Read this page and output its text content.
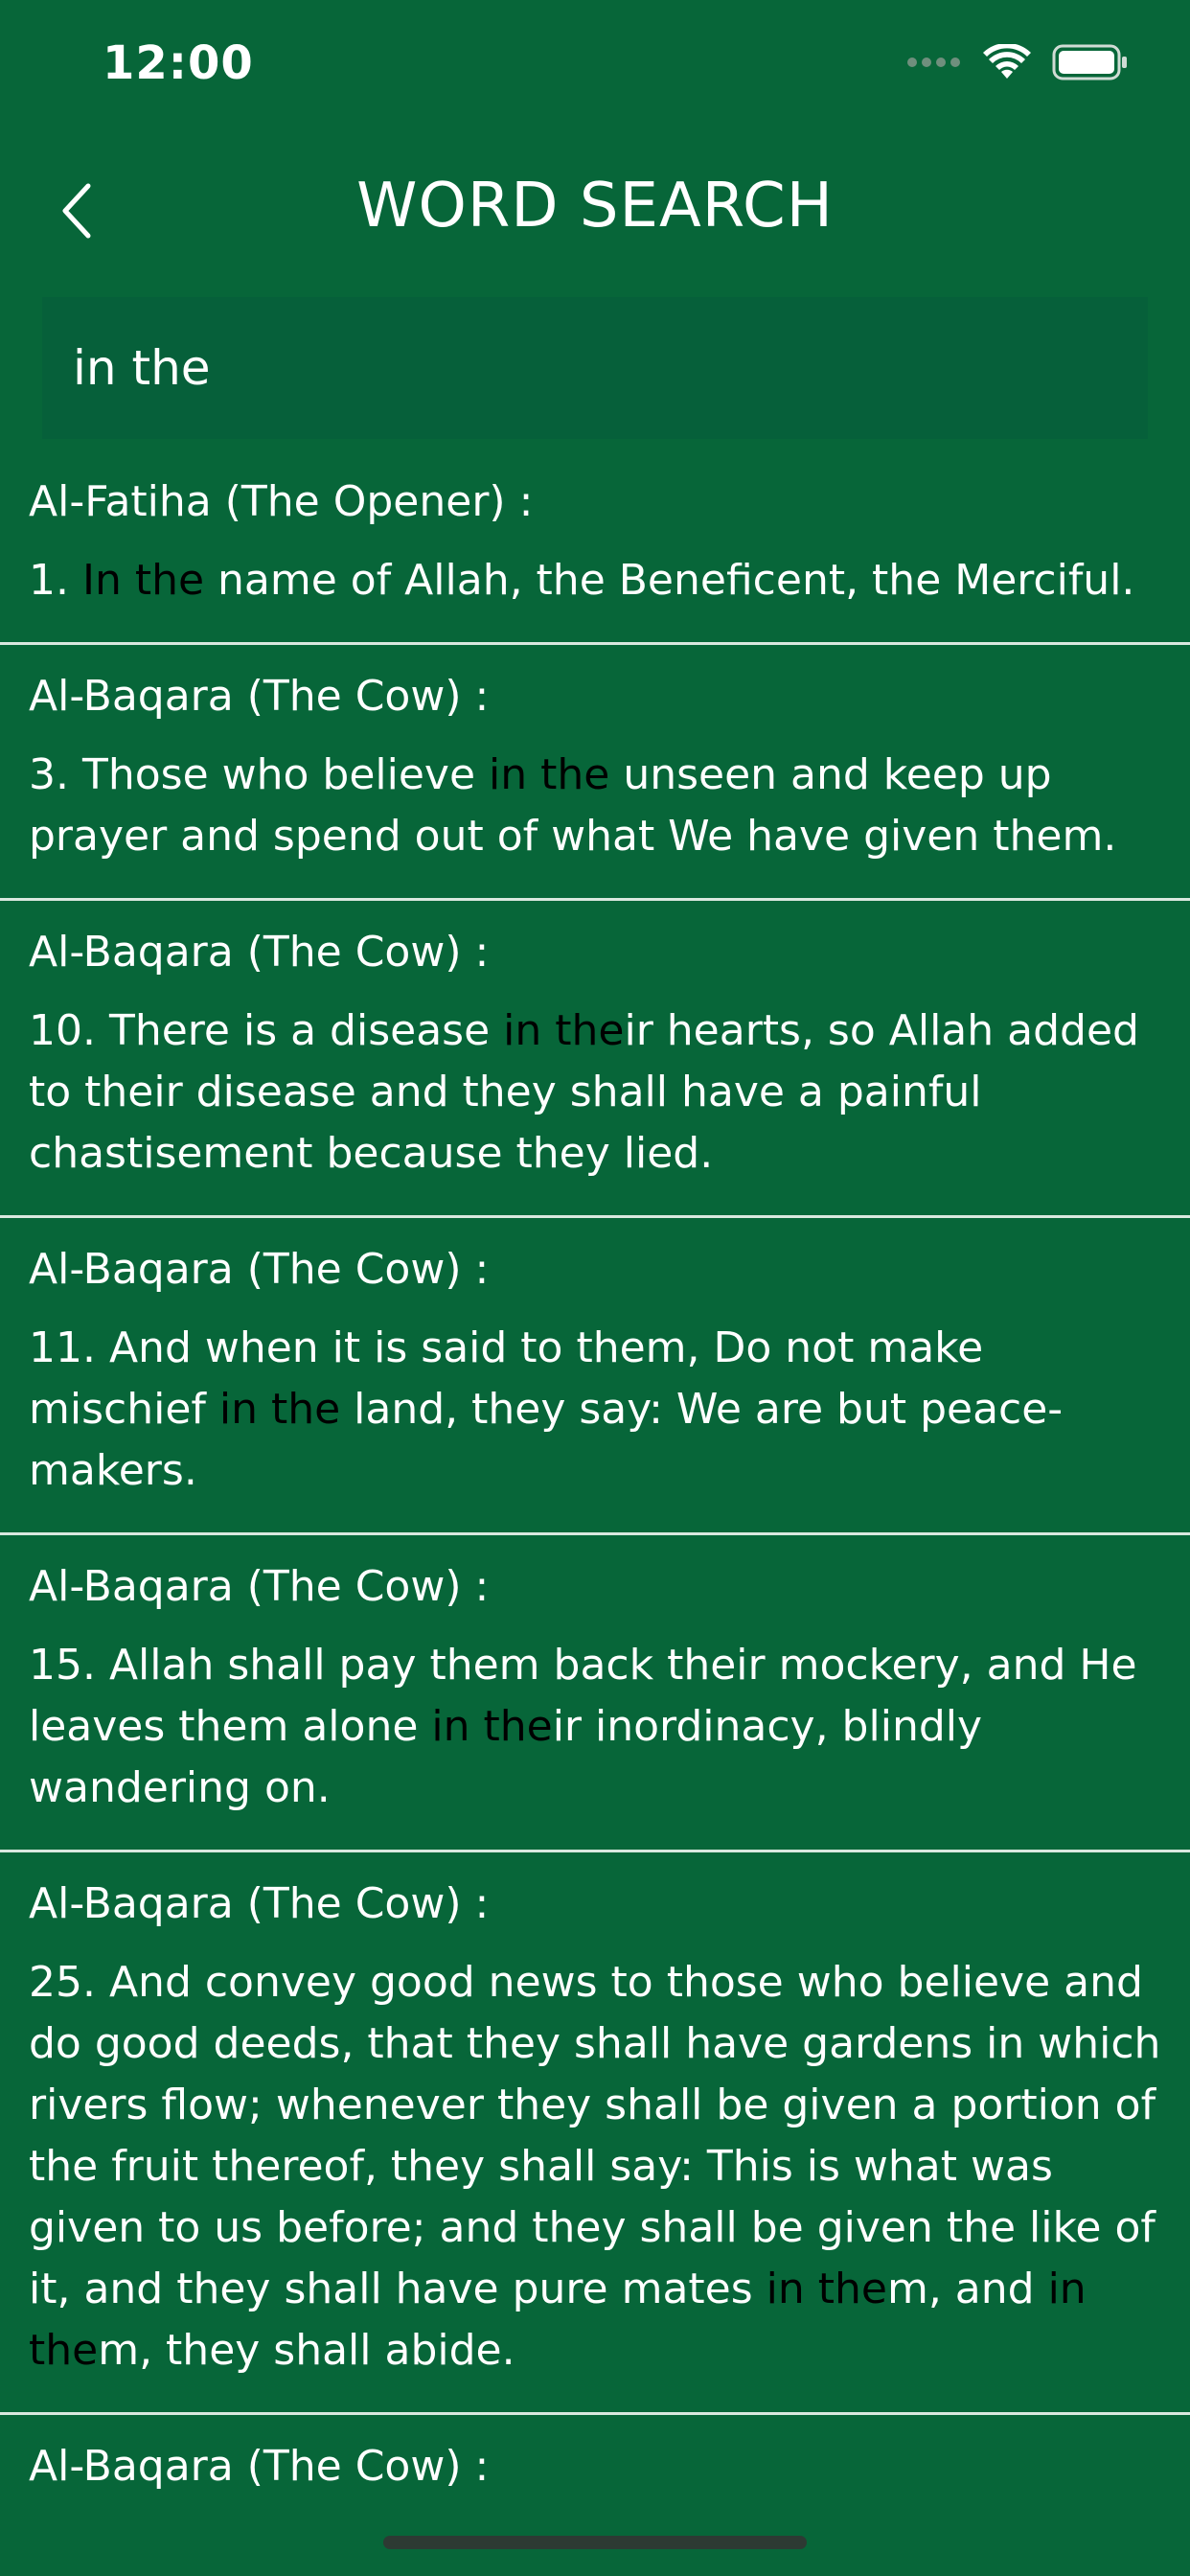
12:00
WORD SEARCH
in the
Al-Fatiha (The Opener) :
1. In the name of Allah, the Beneficent, the Merciful.
Al-Baqara (The Cow) :
3. Those who believe in the unseen and keep up prayer and spend out of what We have given them.
Al-Baqara (The Cow) :
10. There is a disease in their hearts, so Allah added to their disease and they shall have a painful chastisement because they lied.
Al-Baqara (The Cow) :
11. And when it is said to them, Do not make mischief in the land, they say: We are but peace-makers.
Al-Baqara (The Cow) :
15. Allah shall pay them back their mockery, and He leaves them alone in their inordinacy, blindly wandering on.
Al-Baqara (The Cow) :
25. And convey good news to those who believe and do good deeds, that they shall have gardens in which rivers flow; whenever they shall be given a portion of the fruit thereof, they shall say: This is what was given to us before; and they shall be given the like of it, and they shall have pure mates in them, and in them, they shall abide.
Al-Baqara (The Cow) :
